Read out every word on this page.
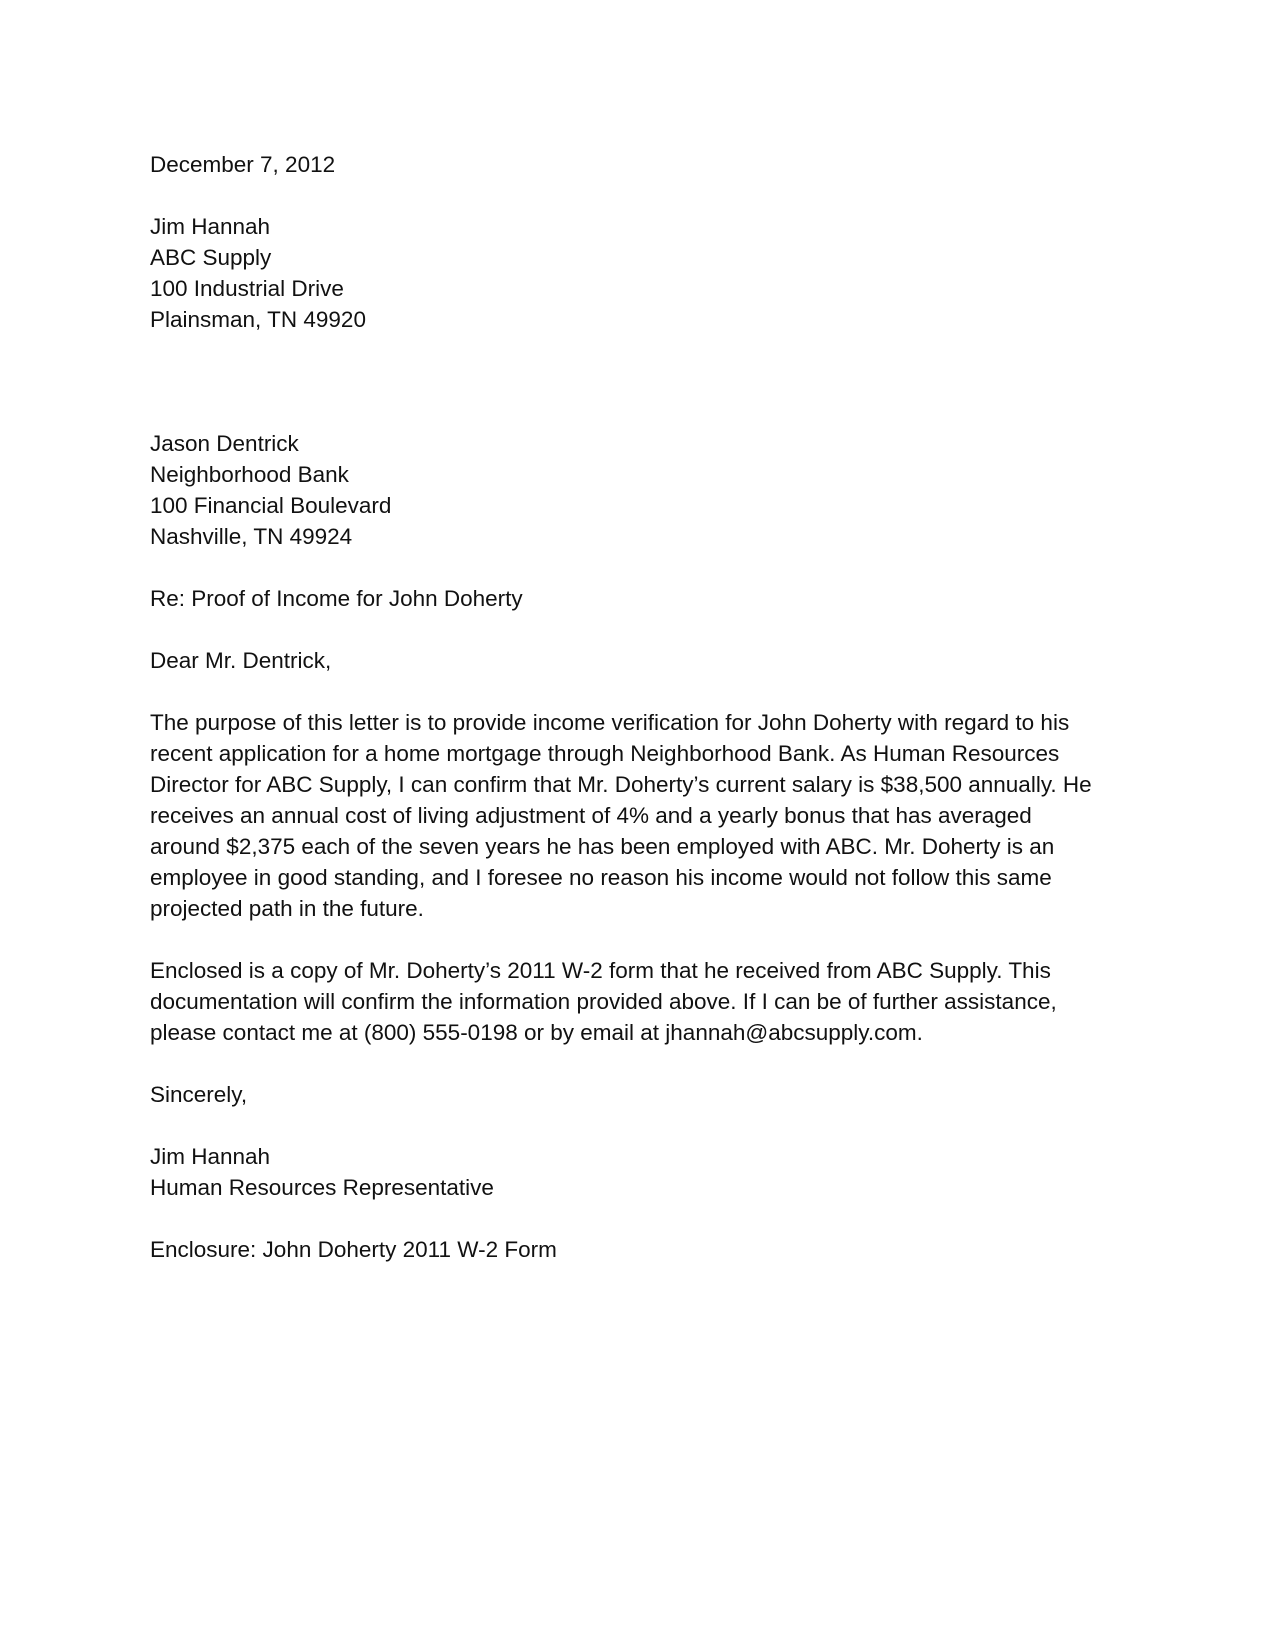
December 7, 2012
Jim Hannah
ABC Supply
100 Industrial Drive
Plainsman, TN 49920
Jason Dentrick
Neighborhood Bank
100 Financial Boulevard
Nashville, TN 49924
Re: Proof of Income for John Doherty
Dear Mr. Dentrick,
The purpose of this letter is to provide income verification for John Doherty with regard to his
recent application for a home mortgage through Neighborhood Bank. As Human Resources
Director for ABC Supply, I can confirm that Mr. Doherty’s current salary is $38,500 annually. He
receives an annual cost of living adjustment of 4% and a yearly bonus that has averaged
around $2,375 each of the seven years he has been employed with ABC. Mr. Doherty is an
employee in good standing, and I foresee no reason his income would not follow this same
projected path in the future.
Enclosed is a copy of Mr. Doherty’s 2011 W-2 form that he received from ABC Supply. This
documentation will confirm the information provided above. If I can be of further assistance,
please contact me at (800) 555-0198 or by email at jhannah@abcsupply.com.
Sincerely,
Jim Hannah
Human Resources Representative
Enclosure: John Doherty 2011 W-2 Form
